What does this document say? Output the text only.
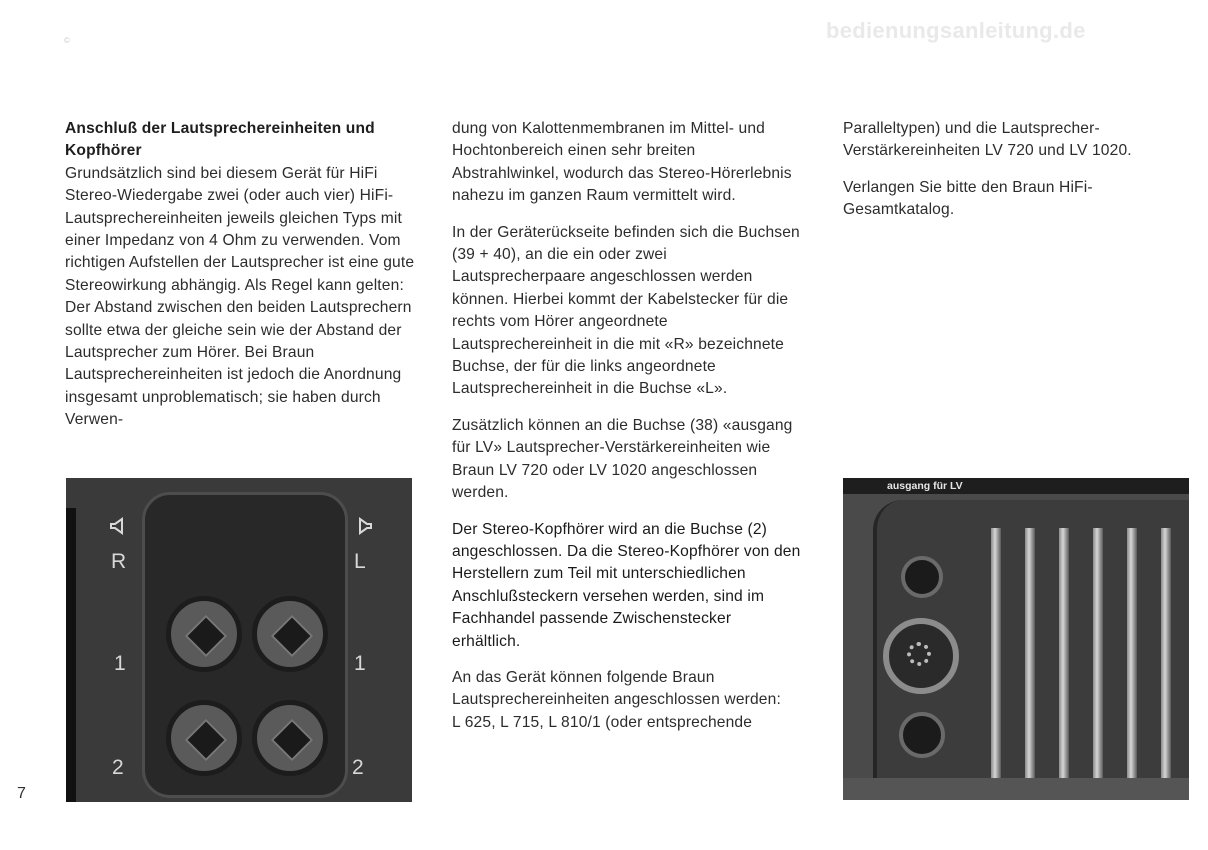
bedienungsanleitung.de
©

Anschluß der Lautsprechereinheiten und Kopfhörer

Grundsätzlich sind bei diesem Gerät für HiFi Stereo-Wiedergabe zwei (oder auch vier) HiFi-Lautsprechereinheiten jeweils gleichen Typs mit einer Impedanz von 4 Ohm zu verwenden. Vom richtigen Aufstellen der Lautsprecher ist eine gute Stereowirkung abhängig. Als Regel kann gelten: Der Abstand zwischen den beiden Lautsprechern sollte etwa der gleiche sein wie der Abstand der Lautsprecher zum Hörer. Bei Braun Lautsprechereinheiten ist jedoch die Anordnung insgesamt unproblematisch; sie haben durch Verwen-

dung von Kalottenmembranen im Mittel- und Hochtonbereich einen sehr breiten Abstrahlwinkel, wodurch das Stereo-Hörerlebnis nahezu im ganzen Raum vermittelt wird.

In der Geräterückseite befinden sich die Buchsen (39 + 40), an die ein oder zwei Lautsprecherpaare angeschlossen werden können. Hierbei kommt der Kabelstecker für die rechts vom Hörer angeordnete Lautsprechereinheit in die mit «R» bezeichnete Buchse, der für die links angeordnete Lautsprechereinheit in die Buchse «L».

Zusätzlich können an die Buchse (38) «ausgang für LV» Lautsprecher-Verstärkereinheiten wie Braun LV 720 oder LV 1020 angeschlossen werden.

Der Stereo-Kopfhörer wird an die Buchse (2) angeschlossen. Da die Stereo-Kopfhörer von den Herstellern zum Teil mit unterschiedlichen Anschlußsteckern versehen werden, sind im Fachhandel passende Zwischenstecker erhältlich.

An das Gerät können folgende Braun Lautsprechereinheiten angeschlossen werden:

L 625, L 715, L 810/1 (oder entsprechende

Paralleltypen) und die Lautsprecher-Verstärkereinheiten LV 720 und LV 1020.

Verlangen Sie bitte den Braun HiFi-Gesamtkatalog.

7
R	L
1	1
2	2
ausgang für LV
